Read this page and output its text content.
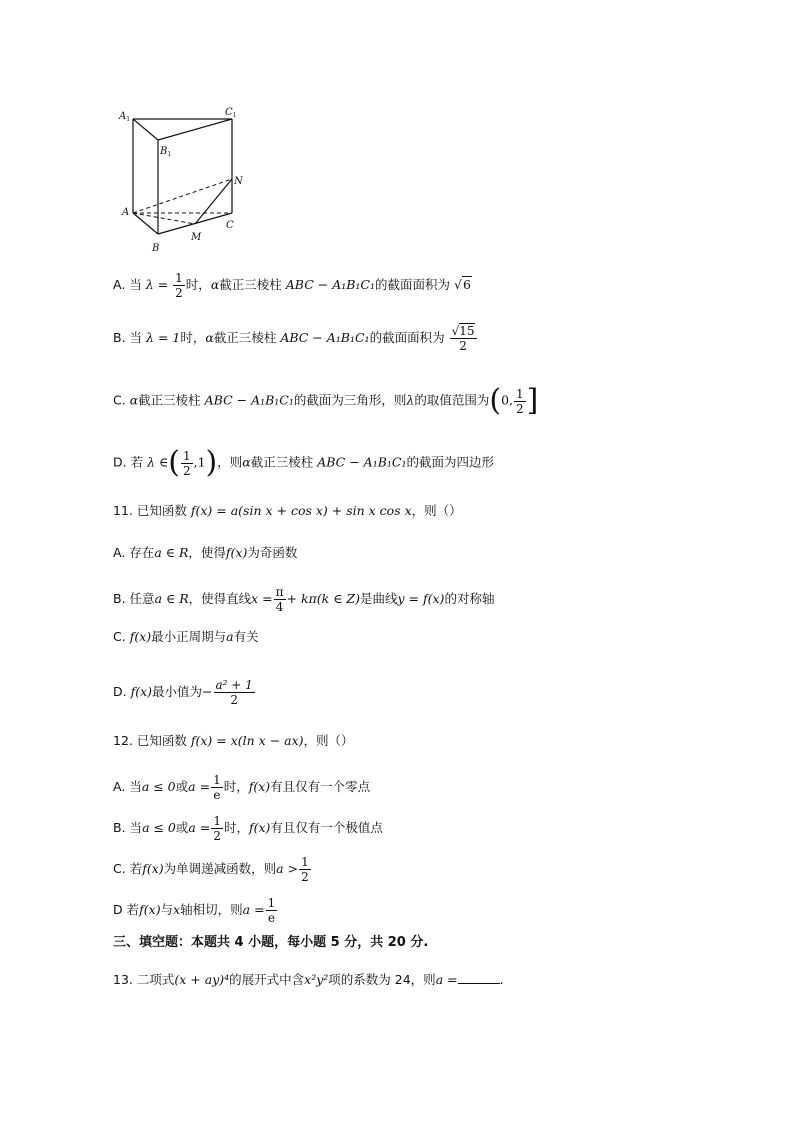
$A_1$
$B_1$
$C_1$
A
B
C
M
N
A. 当 $\lambda = \frac{1}{2}$ 时，α截正三棱柱 ABC − A₁B₁C₁的截面面积为 √6
B. 当 λ = 1时，α截正三棱柱 ABC − A₁B₁C₁的截面面积为 $\frac{√15}{2}$
C. α截正三棱柱 ABC − A₁B₁C₁的截面为三角形，则λ的取值范围为(0, $\frac{1}{2}$ ]
D. 若 λ ∈( $\frac{1}{2} ,1$)，则α截正三棱柱 ABC − A₁B₁C₁的截面为四边形
11. 已知函数 f(x) = a(sin x + cos x) + sin x cos x，则（）
A. 存在a ∈ R，使得f(x)为奇函数
B. 任意a ∈ R，使得直线$x = \frac{\pi}{4} + k\pi(k$ ∈ Z)是曲线y = f(x)的对称轴
C. f(x)最小正周期与a有关
D. f(x)最小值为− $\frac{\text{a² + 1}}{2}$
12. 已知函数 f(x) = x(ln x − ax)，则（）
A. 当a ≤ 0或$a = \frac{1}{e}$ 时，f(x)有且仅有一个零点
B. 当a ≤ 0或$a = \frac{1}{2}$ 时，f(x)有且仅有一个极值点
C. 若f(x)为单调递减函数，则$a > \frac{1}{2}$
D 若f(x)与x轴相切，则$a = \frac{1}{e}$
三、填空题：本题共 4 小题，每小题 5 分，共 20 分.
13. 二项式(x + ay)⁴的展开式中含x²y²项的系数为 24，则a =	.
